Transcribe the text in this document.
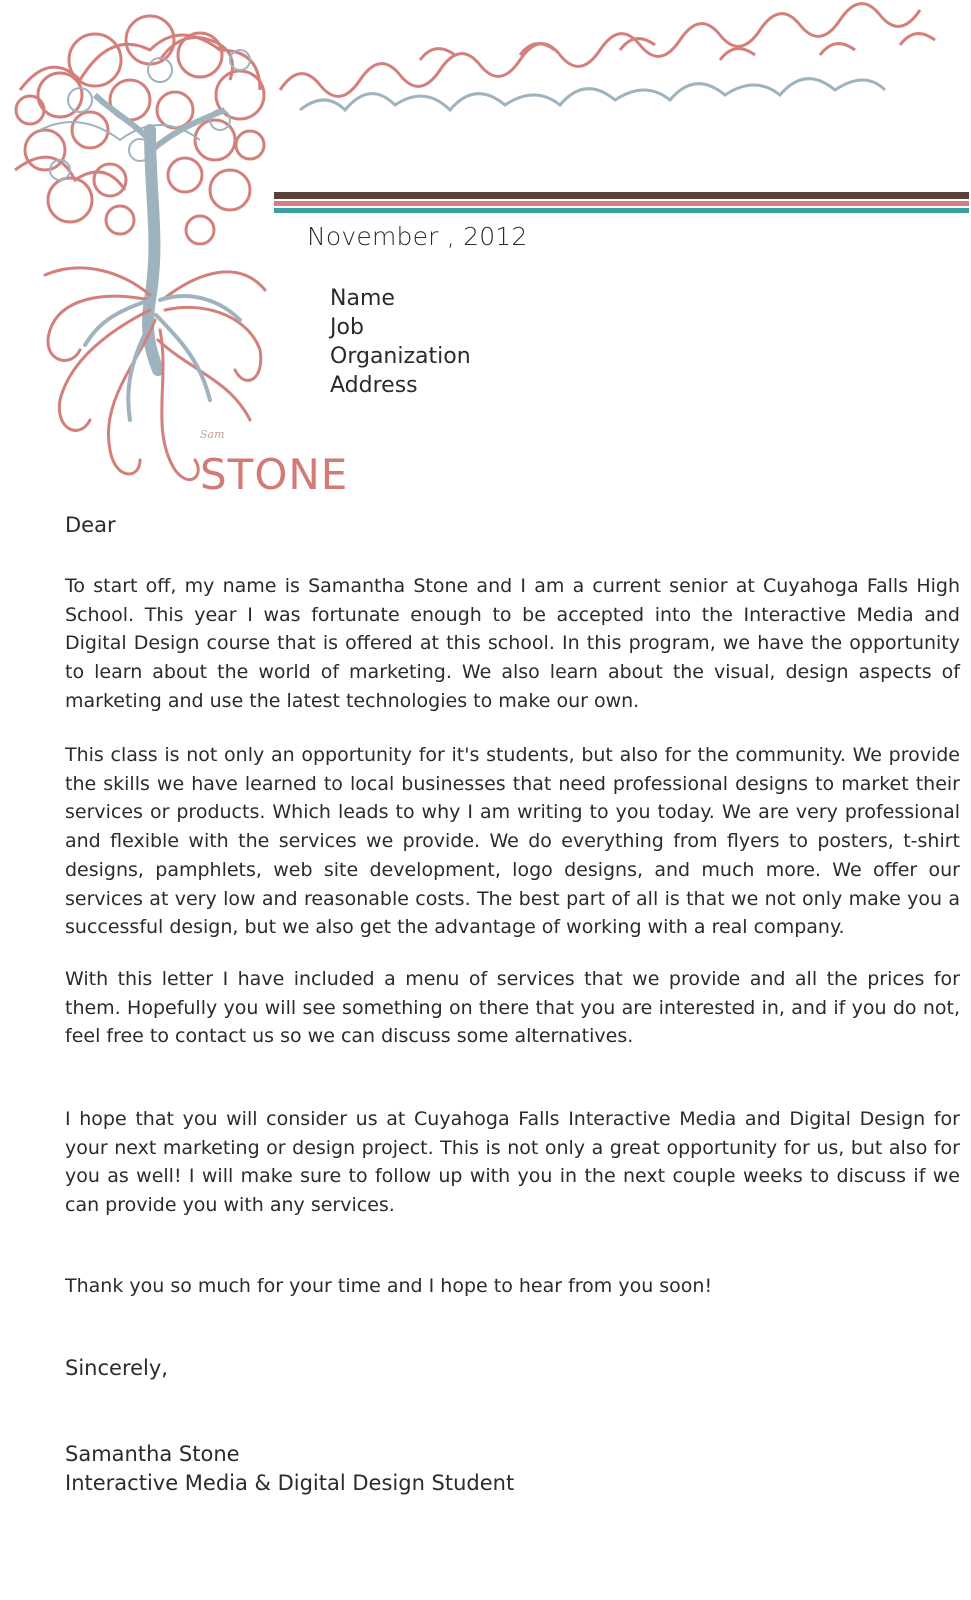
Sam
STONE
November , 2012
Name
Job
Organization
Address
Dear
To start off, my name is Samantha Stone and I am a current senior at Cuyahoga Falls High School. This year I was fortunate enough to be accepted into the Interactive Media and Digital Design course that is offered at this school. In this program, we have the opportunity to learn about the world of marketing. We also learn about the visual, design aspects of marketing and use the latest technologies to make our own.
This class is not only an opportunity for it's students, but also for the community. We provide the skills we have learned to local businesses that need professional designs to market their services or products. Which leads to why I am writing to you today. We are very professional and flexible with the services we provide. We do everything from flyers to posters, t-shirt designs, pamphlets, web site development, logo designs, and much more. We offer our services at very low and reasonable costs. The best part of all is that we not only make you a successful design, but we also get the advantage of working with a real company.
With this letter I have included a menu of services that we provide and all the prices for them. Hopefully you will see something on there that you are interested in, and if you do not, feel free to contact us so we can discuss some alternatives.
I hope that you will consider us at Cuyahoga Falls Interactive Media and Digital Design for your next marketing or design project. This is not only a great opportunity for us, but also for you as well! I will make sure to follow up with you in the next couple weeks to discuss if we can provide you with any services.
Thank you so much for your time and I hope to hear from you soon!
Sincerely,
Samantha Stone
Interactive Media & Digital Design Student
